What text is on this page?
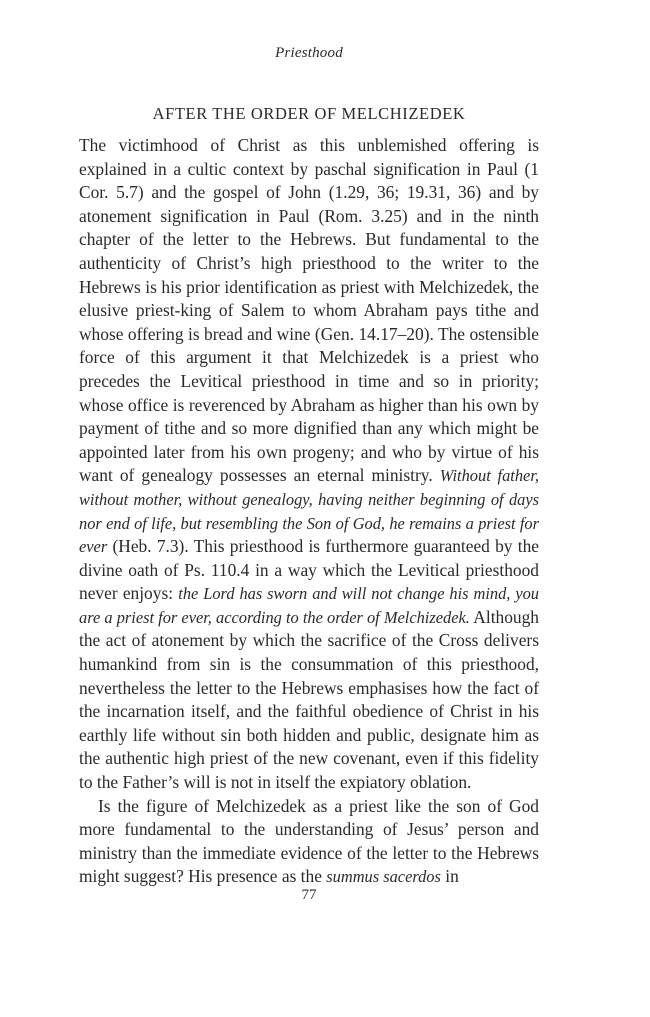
Priesthood
AFTER THE ORDER OF MELCHIZEDEK

The victimhood of Christ as this unblemished offering is explained in a cultic context by paschal signification in Paul (1 Cor. 5.7) and the gospel of John (1.29, 36; 19.31, 36) and by atonement signification in Paul (Rom. 3.25) and in the ninth chapter of the letter to the Hebrews. But fundamental to the authenticity of Christ’s high priesthood to the writer to the Hebrews is his prior identification as priest with Melchizedek, the elusive priest-king of Salem to whom Abraham pays tithe and whose offering is bread and wine (Gen. 14.17–20). The ostensible force of this argument it that Melchizedek is a priest who precedes the Levitical priesthood in time and so in priority; whose office is reverenced by Abraham as higher than his own by payment of tithe and so more dignified than any which might be appointed later from his own progeny; and who by virtue of his want of genealogy possesses an eternal ministry. Without father, without mother, without genealogy, having neither beginning of days nor end of life, but resembling the Son of God, he remains a priest for ever (Heb. 7.3). This priesthood is furthermore guaranteed by the divine oath of Ps. 110.4 in a way which the Levitical priesthood never enjoys: the Lord has sworn and will not change his mind, you are a priest for ever, according to the order of Melchizedek. Although the act of atonement by which the sacrifice of the Cross delivers humankind from sin is the consummation of this priesthood, nevertheless the letter to the Hebrews emphasises how the fact of the incarnation itself, and the faithful obedience of Christ in his earthly life without sin both hidden and public, designate him as the authentic high priest of the new covenant, even if this fidelity to the Father’s will is not in itself the expiatory oblation.

Is the figure of Melchizedek as a priest like the son of God more fundamental to the understanding of Jesus’ person and ministry than the immediate evidence of the letter to the Hebrews might suggest? His presence as the summus sacerdos in

77
